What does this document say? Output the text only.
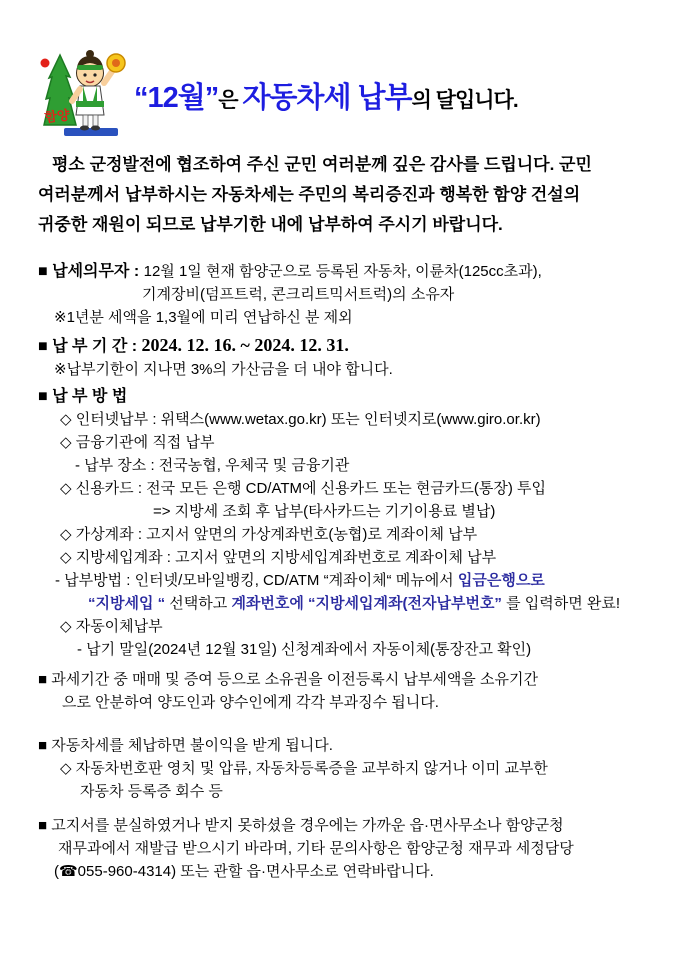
함양
“12월”은 자동차세 납부의 달입니다.
평소 군정발전에 협조하여 주신 군민 여러분께 깊은 감사를 드립니다. 군민
여러분께서 납부하시는 자동차세는 주민의 복리증진과 행복한 함양 건설의
귀중한 재원이 되므로 납부기한 내에 납부하여 주시기 바랍니다.
■ 납세의무자 : 12월 1일 현재 함양군으로 등록된 자동차, 이륜차(125cc초과),
기계장비(덤프트럭, 콘크리트믹서트럭)의 소유자
※1년분 세액을 1,3월에 미리 연납하신 분 제외
■ 납 부 기 간 : 2024. 12. 16. ~ 2024. 12. 31.
※납부기한이 지나면 3%의 가산금을 더 내야 합니다.
■ 납 부 방 법
◇ 인터넷납부 : 위택스(www.wetax.go.kr) 또는 인터넷지로(www.giro.or.kr)
◇ 금융기관에 직접 납부
- 납부 장소 : 전국농협, 우체국 및 금융기관
◇ 신용카드 : 전국 모든 은행 CD/ATM에 신용카드 또는 현금카드(통장) 투입
=> 지방세 조회 후 납부(타사카드는 기기이용료 별납)
◇ 가상계좌 : 고지서 앞면의 가상계좌번호(농협)로 계좌이체 납부
◇ 지방세입계좌 : 고지서 앞면의 지방세입계좌번호로 계좌이체 납부
- 납부방법 : 인터넷/모바일뱅킹, CD/ATM “계좌이체“ 메뉴에서 입금은행으로
“지방세입 “ 선택하고 계좌번호에 “지방세입계좌(전자납부번호” 를 입력하면 완료!
◇ 자동이체납부
- 납기 말일(2024년 12월 31일) 신청계좌에서 자동이체(통장잔고 확인)
■ 과세기간 중 매매 및 증여 등으로 소유권을 이전등록시 납부세액을 소유기간
으로 안분하여 양도인과 양수인에게 각각 부과징수 됩니다.
■ 자동차세를 체납하면 불이익을 받게 됩니다.
◇ 자동차번호판 영치 및 압류, 자동차등록증을 교부하지 않거나 이미 교부한
자동차 등록증 회수 등
■ 고지서를 분실하였거나 받지 못하셨을 경우에는 가까운 읍·면사무소나 함양군청
재무과에서 재발급 받으시기 바라며, 기타 문의사항은 함양군청 재무과 세정담당
(☎055-960-4314) 또는 관할 읍·면사무소로 연락바랍니다.
